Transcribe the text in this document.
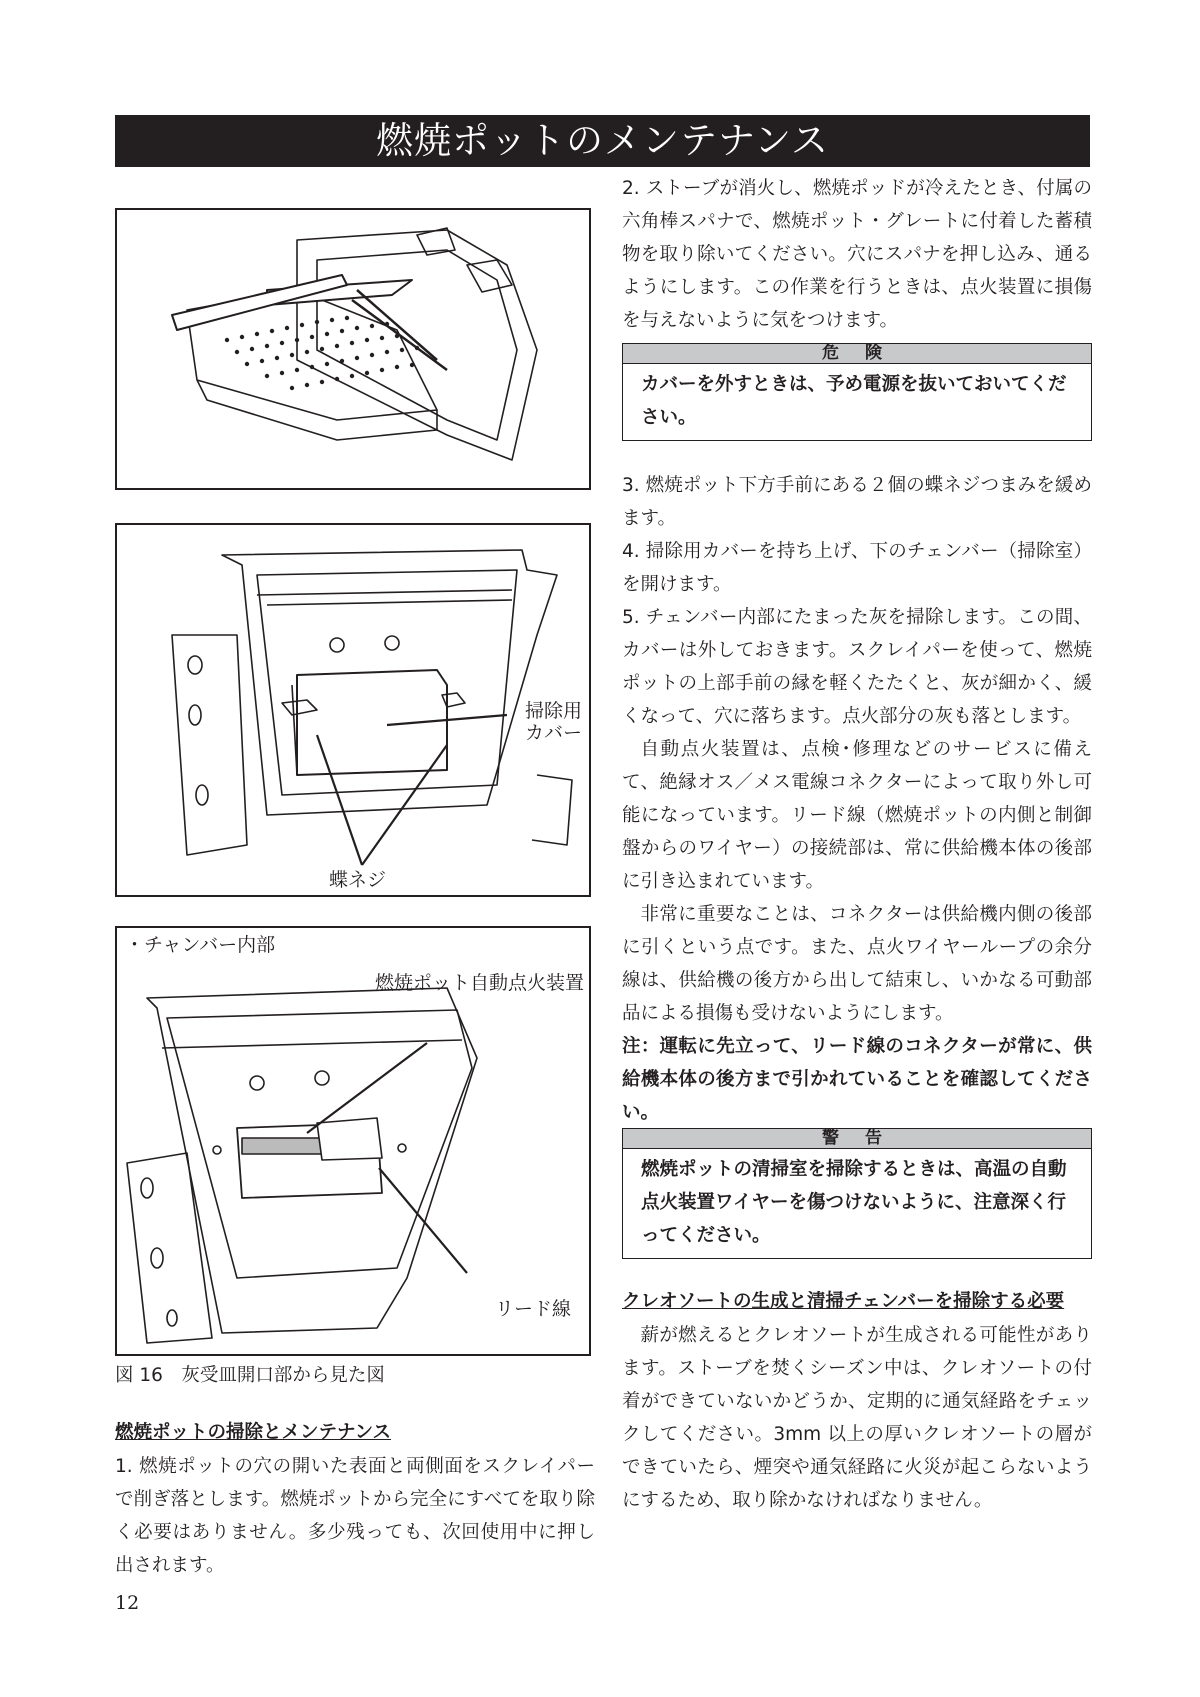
燃焼ポットのメンテナンス
掃除用
カバー
蝶ネジ
・チャンバー内部
燃焼ポット自動点火装置
リード線
図 16　灰受皿開口部から見た図

燃焼ポットの掃除とメンテナンス

1. 燃焼ポットの穴の開いた表面と両側面をスクレイパーで削ぎ落とします。燃焼ポットから完全にすべてを取り除く必要はありません。多少残っても、次回使用中に押し出されます。

12

2. ストーブが消火し、燃焼ポッドが冷えたとき、付属の六角棒スパナで、燃焼ポット・グレートに付着した蓄積物を取り除いてください。穴にスパナを押し込み、通るようにします。この作業を行うときは、点火装置に損傷を与えないように気をつけます。

危 険
カバーを外すときは、予め電源を抜いておいてください。

3. 燃焼ポット下方手前にある２個の蝶ネジつまみを緩めます。

4. 掃除用カバーを持ち上げ、下のチェンバー（掃除室）を開けます。

5. チェンバー内部にたまった灰を掃除します。この間、カバーは外しておきます。スクレイパーを使って、燃焼ポットの上部手前の縁を軽くたたくと、灰が細かく、緩くなって、穴に落ちます。点火部分の灰も落とします。

自動点火装置は、点検･修理などのサービスに備えて、絶縁オス／メス電線コネクターによって取り外し可能になっています。リード線（燃焼ポットの内側と制御盤からのワイヤー）の接続部は、常に供給機本体の後部に引き込まれています。

非常に重要なことは、コネクターは供給機内側の後部に引くという点です。また、点火ワイヤーループの余分線は、供給機の後方から出して結束し、いかなる可動部品による損傷も受けないようにします。

注：運転に先立って、リード線のコネクターが常に、供給機本体の後方まで引かれていることを確認してください。

警 告
燃焼ポットの清掃室を掃除するときは、高温の自動点火装置ワイヤーを傷つけないように、注意深く行ってください。

クレオソートの生成と清掃チェンバーを掃除する必要

薪が燃えるとクレオソートが生成される可能性があります。ストーブを焚くシーズン中は、クレオソートの付着ができていないかどうか、定期的に通気経路をチェックしてください。3mm 以上の厚いクレオソートの層ができていたら、煙突や通気経路に火災が起こらないようにするため、取り除かなければなりません。
